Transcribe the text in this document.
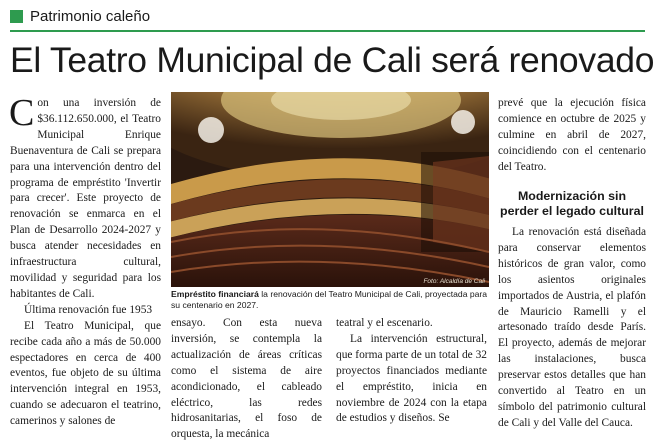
Patrimonio caleño
El Teatro Municipal de Cali será renovado

Con una inversión de $36.112.650.000, el Teatro Municipal Enrique Buenaventura de Cali se prepara para una intervención dentro del programa de empréstito 'Invertir para crecer'. Este proyecto de renovación se enmarca en el Plan de Desarrollo 2024-2027 y busca atender necesidades en infraestructura cultural, movilidad y seguridad para los habitantes de Cali.

Última renovación fue 1953

El Teatro Municipal, que recibe cada año a más de 50.000 espectadores en cerca de 400 eventos, fue objeto de su última intervención integral en 1953, cuando se adecuaron el teatrino, camerinos y salones de

Foto: Alcaldía de Cali
Empréstito financiará la renovación del Teatro Municipal de Cali, proyectada para su centenario en 2027.

ensayo. Con esta nueva inversión, se contempla la actualización de áreas críticas como el sistema de aire acondicionado, el cableado eléctrico, las redes hidrosanitarias, el foso de orquesta, la mecánica

teatral y el escenario.

La intervención estructural, que forma parte de un total de 32 proyectos financiados mediante el empréstito, inicia en noviembre de 2024 con la etapa de estudios y diseños. Se

prevé que la ejecución física comience en octubre de 2025 y culmine en abril de 2027, coincidiendo con el centenario del Teatro.

Modernización sin perder el legado cultural

La renovación está diseñada para conservar elementos históricos de gran valor, como los asientos originales importados de Austria, el plafón de Mauricio Ramelli y el artesonado traído desde París. El proyecto, además de mejorar las instalaciones, busca preservar estos detalles que han convertido al Teatro en un símbolo del patrimonio cultural de Cali y del Valle del Cauca.
